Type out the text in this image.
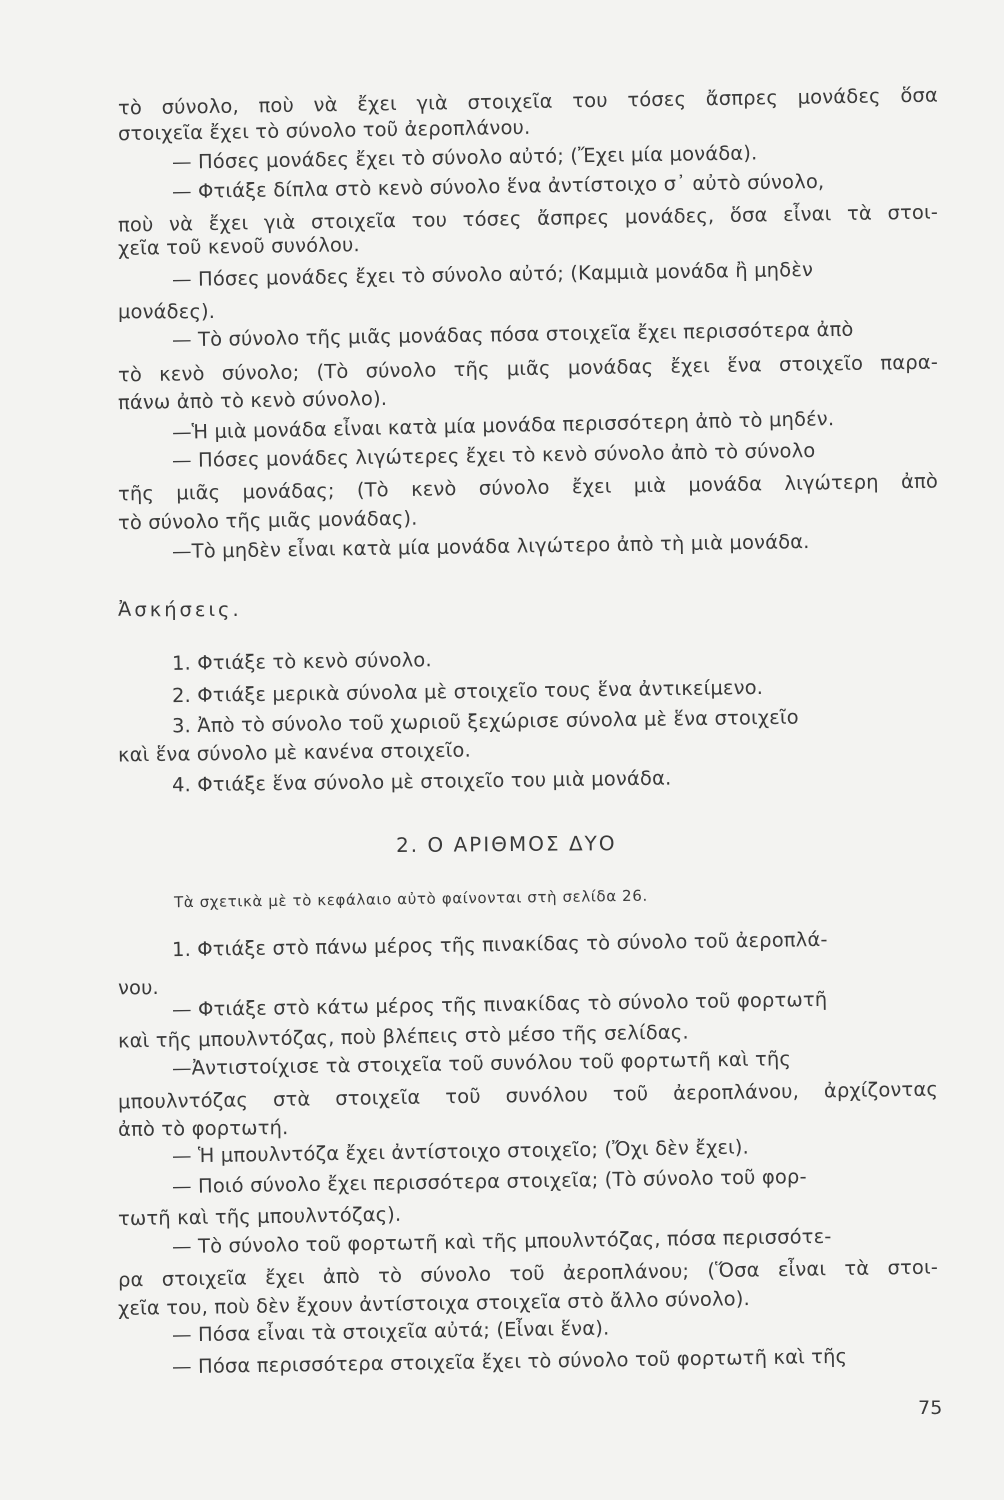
τὸ σύνολο, ποὺ νὰ ἔχει γιὰ στοιχεῖα του τόσες ἄσπρες μονάδες ὅσα
στοιχεῖα ἔχει τὸ σύνολο τοῦ ἀεροπλάνου.
— Πόσες μονάδες ἔχει τὸ σύνολο αὐτό; (Ἔχει μία μονάδα).
— Φτιάξε δίπλα στὸ κενὸ σύνολο ἕνα ἀντίστοιχο σ᾽ αὐτὸ σύνολο,
ποὺ νὰ ἔχει γιὰ στοιχεῖα του τόσες ἄσπρες μονάδες, ὅσα εἶναι τὰ στοι-
χεῖα τοῦ κενοῦ συνόλου.
— Πόσες μονάδες ἔχει τὸ σύνολο αὐτό; (Καμμιὰ μονάδα ἢ μηδὲν
μονάδες).
— Τὸ σύνολο τῆς μιᾶς μονάδας πόσα στοιχεῖα ἔχει περισσότερα ἀπὸ
τὸ κενὸ σύνολο; (Τὸ σύνολο τῆς μιᾶς μονάδας ἔχει ἕνα στοιχεῖο παρα-
πάνω ἀπὸ τὸ κενὸ σύνολο).
—Ἡ μιὰ μονάδα εἶναι κατὰ μία μονάδα περισσότερη ἀπὸ τὸ μηδέν.
— Πόσες μονάδες λιγώτερες ἔχει τὸ κενὸ σύνολο ἀπὸ τὸ σύνολο
τῆς μιᾶς μονάδας; (Τὸ κενὸ σύνολο ἔχει μιὰ μονάδα λιγώτερη ἀπὸ
τὸ σύνολο τῆς μιᾶς μονάδας).
—Τὸ μηδὲν εἶναι κατὰ μία μονάδα λιγώτερο ἀπὸ τὴ μιὰ μονάδα.
Ἀσκήσεις.
1. Φτιάξε τὸ κενὸ σύνολο.
2. Φτιάξε μερικὰ σύνολα μὲ στοιχεῖο τους ἕνα ἀντικείμενο.
3. Ἀπὸ τὸ σύνολο τοῦ χωριοῦ ξεχώρισε σύνολα μὲ ἕνα στοιχεῖο
καὶ ἕνα σύνολο μὲ κανένα στοιχεῖο.
4. Φτιάξε ἕνα σύνολο μὲ στοιχεῖο του μιὰ μονάδα.
2. Ο ΑΡΙΘΜΟΣ ΔΥΟ
Τὰ σχετικὰ μὲ τὸ κεφάλαιο αὐτὸ φαίνονται στὴ σελίδα 26.
1. Φτιάξε στὸ πάνω μέρος τῆς πινακίδας τὸ σύνολο τοῦ ἀεροπλά-
νου.
— Φτιάξε στὸ κάτω μέρος τῆς πινακίδας τὸ σύνολο τοῦ φορτωτῆ
καὶ τῆς μπουλντόζας, ποὺ βλέπεις στὸ μέσο τῆς σελίδας.
—Ἀντιστοίχισε τὰ στοιχεῖα τοῦ συνόλου τοῦ φορτωτῆ καὶ τῆς
μπουλντόζας στὰ στοιχεῖα τοῦ συνόλου τοῦ ἀεροπλάνου, ἀρχίζοντας
ἀπὸ τὸ φορτωτή.
— Ἡ μπουλντόζα ἔχει ἀντίστοιχο στοιχεῖο; (Ὄχι δὲν ἔχει).
— Ποιό σύνολο ἔχει περισσότερα στοιχεῖα; (Τὸ σύνολο τοῦ φορ-
τωτῆ καὶ τῆς μπουλντόζας).
— Τὸ σύνολο τοῦ φορτωτῆ καὶ τῆς μπουλντόζας, πόσα περισσότε-
ρα στοιχεῖα ἔχει ἀπὸ τὸ σύνολο τοῦ ἀεροπλάνου; (Ὅσα εἶναι τὰ στοι-
χεῖα του, ποὺ δὲν ἔχουν ἀντίστοιχα στοιχεῖα στὸ ἄλλο σύνολο).
— Πόσα εἶναι τὰ στοιχεῖα αὐτά; (Εἶναι ἕνα).
— Πόσα περισσότερα στοιχεῖα ἔχει τὸ σύνολο τοῦ φορτωτῆ καὶ τῆς
75
